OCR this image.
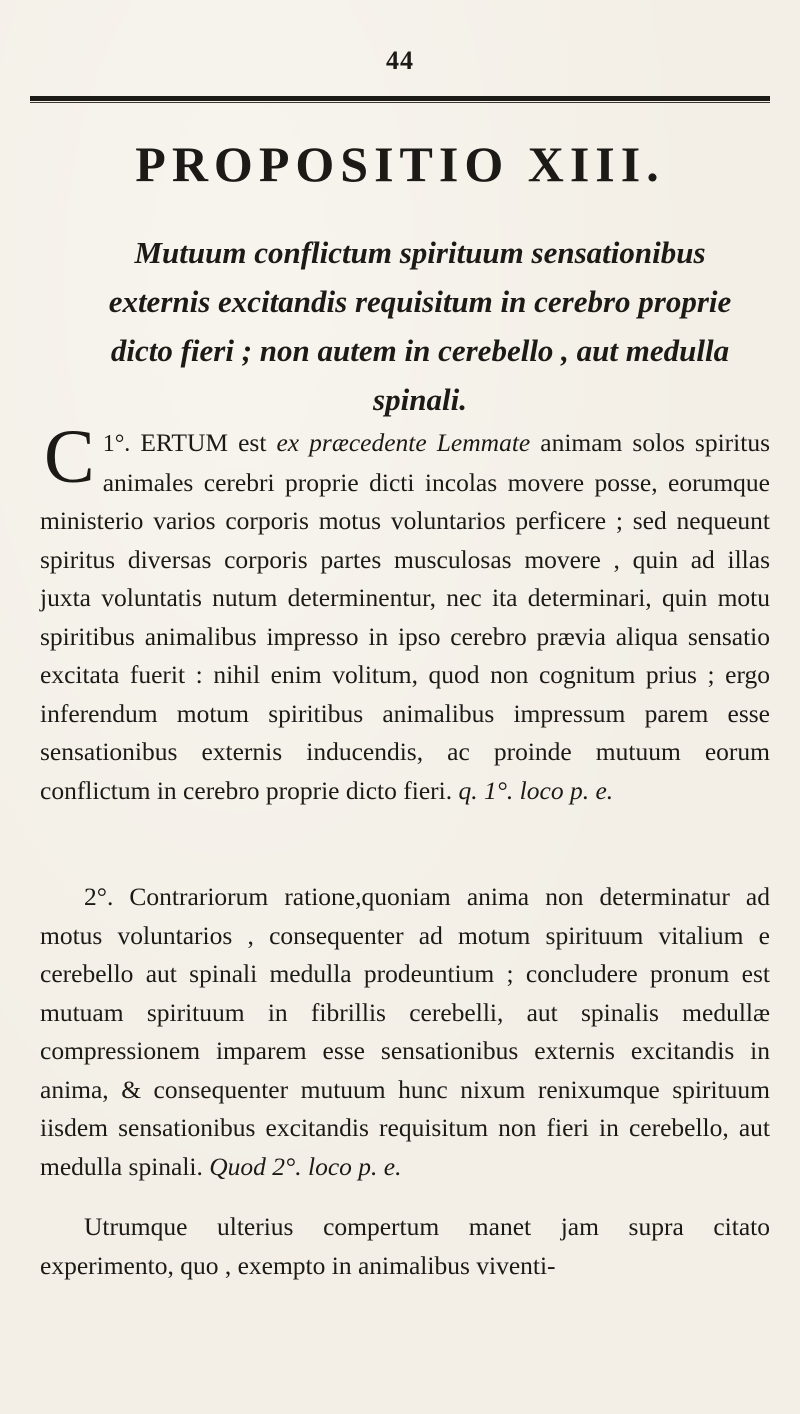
44
PROPOSITIO XIII.
Mutuum conflictum spirituum sensationibus externis excitandis requisitum in cerebro proprie dicto fieri ; non autem in cerebello , aut medulla spinali.
1°.
C ERTUM est ex præcedente Lemmate animam solos spiritus animales cerebri proprie dicti incolas movere posse, eorumque ministerio varios corporis motus voluntarios perficere ; sed nequeunt spiritus diversas corporis partes musculosas movere , quin ad illas juxta voluntatis nutum determinentur, nec ita determinari, quin motu spiritibus animalibus impresso in ipso cerebro prævia aliqua sensatio excitata fuerit : nihil enim volitum, quod non cognitum prius ; ergo inferendum motum spiritibus animalibus impressum parem esse sensationibus externis inducendis, ac proinde mutuum eorum conflictum in cerebro proprie dicto fieri. q. 1°. loco p. e.
2°. Contrariorum ratione,quoniam anima non determinatur ad motus voluntarios , consequenter ad motum spirituum vitalium e cerebello aut spinali medulla prodeuntium ; concludere pronum est mutuam spirituum in fibrillis cerebelli, aut spinalis medullæ compressionem imparem esse sensationibus externis excitandis in anima, & consequenter mutuum hunc nixum renixumque spirituum iisdem sensationibus excitandis requisitum non fieri in cerebello, aut medulla spinali. Quod 2°. loco p. e.
Utrumque ulterius compertum manet jam supra citato experimento, quo , exempto in animalibus viventi-
